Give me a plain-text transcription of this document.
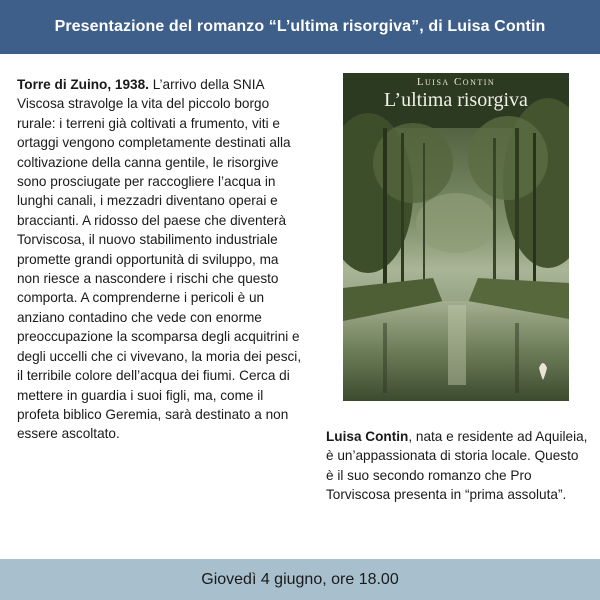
Presentazione del romanzo “L’ultima risorgiva”, di Luisa Contin
Torre di Zuino, 1938. L’arrivo della SNIA Viscosa stravolge la vita del piccolo borgo rurale: i terreni già coltivati a frumento, viti e ortaggi vengono completamente destinati alla coltivazione della canna gentile, le risorgive sono prosciugate per raccogliere l’acqua in lunghi canali, i mezzadri diventano operai e braccianti. A ridosso del paese che diventerà Torviscosa, il nuovo stabilimento industriale promette grandi opportunità di sviluppo, ma non riesce a nascondere i rischi che questo comporta. A comprenderne i pericoli è un anziano contadino che vede con enorme preoccupazione la scomparsa degli acquitrini e degli uccelli che ci vivevano, la moria dei pesci, il terribile colore dell’acqua dei fiumi. Cerca di mettere in guardia i suoi figli, ma, come il profeta biblico Geremia, sarà destinato a non essere ascoltato.
Luisa Contin
L’ultima risorgiva
Luisa Contin, nata e residente ad Aquileia, è un’appassionata di storia locale. Questo è il suo secondo romanzo che Pro Torviscosa presenta in “prima assoluta”.
Giovedì 4 giugno, ore 18.00
